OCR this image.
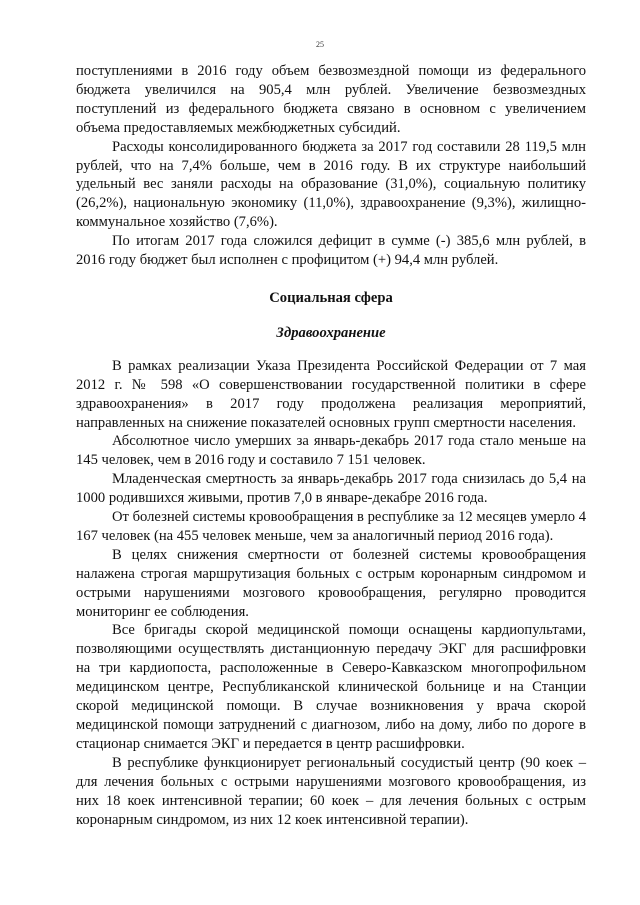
25

поступлениями в 2016 году объем безвозмездной помощи из федерального бюджета увеличился на 905,4 млн рублей. Увеличение безвозмездных поступлений из федерального бюджета связано в основном с увеличением объема предоставляемых межбюджетных субсидий.

Расходы консолидированного бюджета за 2017 год составили 28 119,5 млн рублей, что на 7,4% больше, чем в 2016 году. В их структуре наибольший удельный вес заняли расходы на образование (31,0%), социальную политику (26,2%), национальную экономику (11,0%), здравоохранение (9,3%), жилищно-коммунальное хозяйство (7,6%).

По итогам 2017 года сложился дефицит в сумме (-) 385,6 млн рублей, в 2016 году бюджет был исполнен с профицитом (+) 94,4 млн рублей.

Социальная сфера
Здравоохранение

В рамках реализации Указа Президента Российской Федерации от 7 мая 2012 г. № 598 «О совершенствовании государственной политики в сфере здравоохранения» в 2017 году продолжена реализация мероприятий, направленных на снижение показателей основных групп смертности населения.

Абсолютное число умерших за январь-декабрь 2017 года стало меньше на 145 человек, чем в 2016 году и составило 7 151 человек.

Младенческая смертность за январь-декабрь 2017 года снизилась до 5,4 на 1000 родившихся живыми, против 7,0 в январе-декабре 2016 года.

От болезней системы кровообращения в республике за 12 месяцев умерло 4 167 человек (на 455 человек меньше, чем за аналогичный период 2016 года).

В целях снижения смертности от болезней системы кровообращения налажена строгая маршрутизация больных с острым коронарным синдромом и острыми нарушениями мозгового кровообращения, регулярно проводится мониторинг ее соблюдения.

Все бригады скорой медицинской помощи оснащены кардиопультами, позволяющими осуществлять дистанционную передачу ЭКГ для расшифровки на три кардиопоста, расположенные в Северо-Кавказском многопрофильном медицинском центре, Республиканской клинической больнице и на Станции скорой медицинской помощи. В случае возникновения у врача скорой медицинской помощи затруднений с диагнозом, либо на дому, либо по дороге в стационар снимается ЭКГ и передается в центр расшифровки.

В республике функционирует региональный сосудистый центр (90 коек – для лечения больных с острыми нарушениями мозгового кровообращения, из них 18 коек интенсивной терапии; 60 коек – для лечения больных с острым коронарным синдромом, из них 12 коек интенсивной терапии).
